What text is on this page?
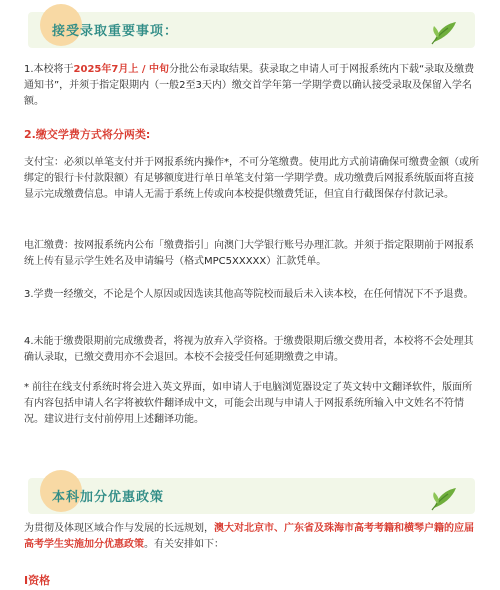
接受录取重要事项：
1.本校将于2025年7月上 / 中旬分批公布录取结果。获录取之申请人可于网报系统内下载“录取及缴费通知书”，并须于指定限期内（一般2至3天内）缴交首学年第一学期学费以确认接受录取及保留入学名额。
2.缴交学费方式将分两类:
支付宝：必须以单笔支付并于网报系统内操作*，不可分笔缴费。使用此方式前请确保可缴费金额（或所绑定的银行卡付款限额）有足够额度进行单日单笔支付第一学期学费。成功缴费后网报系统版面将直接显示完成缴费信息。申请人无需于系统上传或向本校提供缴费凭证，但宜自行截图保存付款记录。
电汇缴费：按网报系统内公布「缴费指引」向澳门大学银行账号办理汇款。并须于指定限期前于网报系统上传有显示学生姓名及申请编号（格式MPC5XXXXX）汇款凭单。
3.学费一经缴交，不论是个人原因或因选读其他高等院校而最后未入读本校，在任何情况下不予退费。
4.未能于缴费限期前完成缴费者，将视为放弃入学资格。于缴费限期后缴交费用者，本校将不会处理其确认录取，已缴交费用亦不会退回。本校不会接受任何延期缴费之申请。
* 前往在线支付系统时将会进入英文界面，如申请人于电脑浏览器设定了英文转中文翻译软件，版面所有内容包括申请人名字将被软件翻译成中文，可能会出现与申请人于网报系统所输入中文姓名不符情况。建议进行支付前停用上述翻译功能。
本科加分优惠政策
为贯彻及体现区域合作与发展的长远规划，澳大对北京市、广东省及珠海市高考考籍和横琴户籍的应届高考学生实施加分优惠政策。有关安排如下：
I资格
